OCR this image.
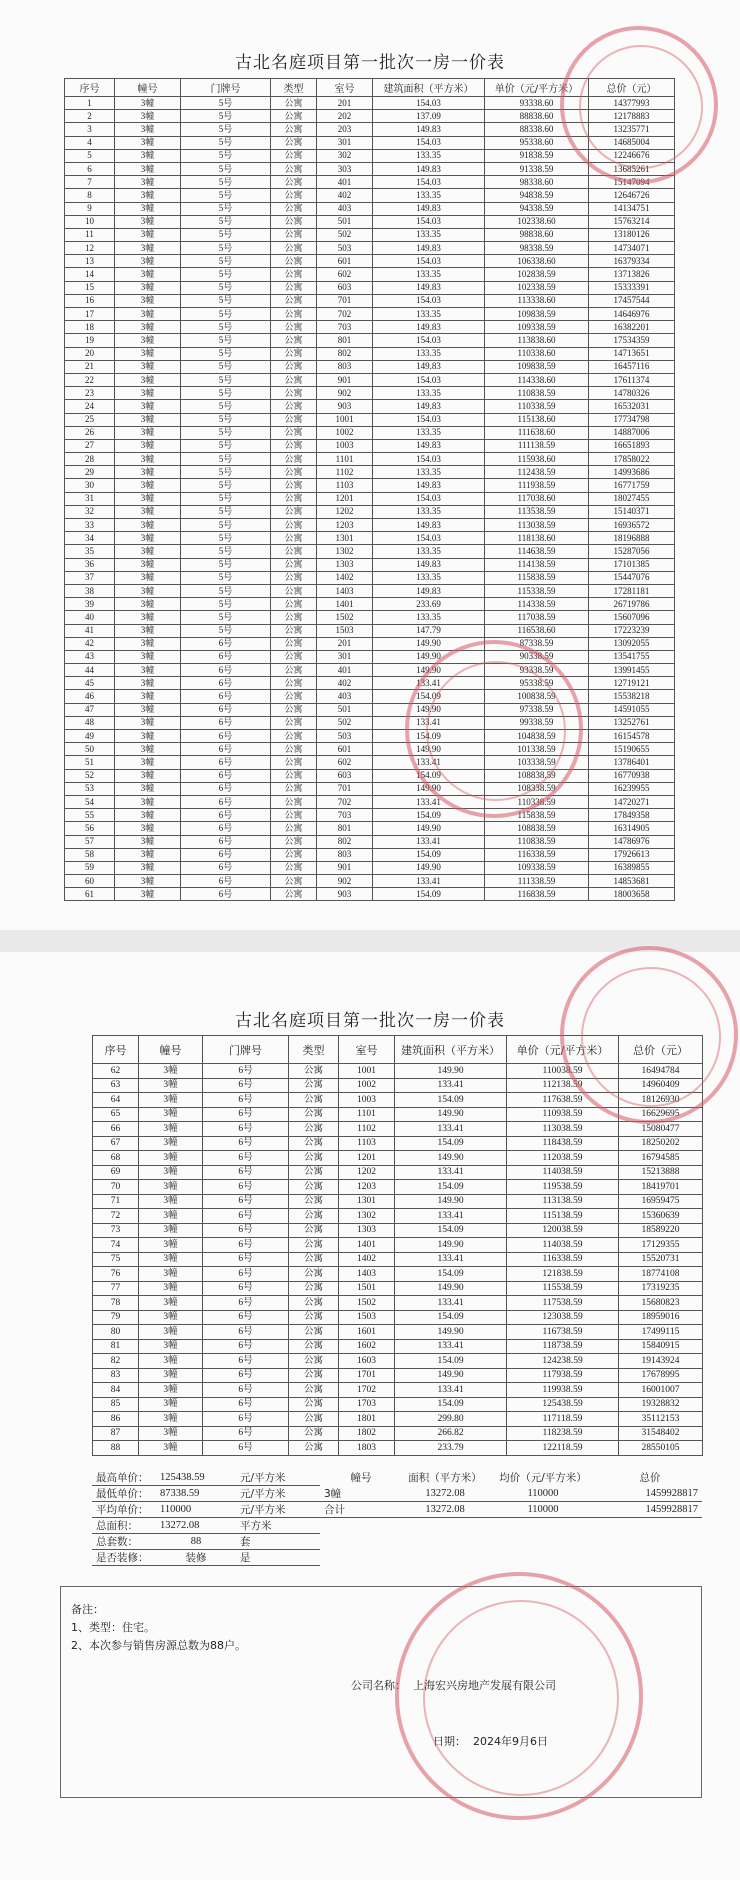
古北名庭项目第一批次一房一价表
序号	幢号	门牌号	类型	室号	建筑面积（平方米）	单价（元/平方米）	总价（元）
1	3幢	5号	公寓	201	154.03	93338.60	14377993
2	3幢	5号	公寓	202	137.09	88838.60	12178883
3	3幢	5号	公寓	203	149.83	88338.60	13235771
4	3幢	5号	公寓	301	154.03	95338.60	14685004
5	3幢	5号	公寓	302	133.35	91838.59	12246676
6	3幢	5号	公寓	303	149.83	91338.59	13685261
7	3幢	5号	公寓	401	154.03	98338.60	15147094
8	3幢	5号	公寓	402	133.35	94838.59	12646726
9	3幢	5号	公寓	403	149.83	94338.59	14134751
10	3幢	5号	公寓	501	154.03	102338.60	15763214
11	3幢	5号	公寓	502	133.35	98838.60	13180126
12	3幢	5号	公寓	503	149.83	98338.59	14734071
13	3幢	5号	公寓	601	154.03	106338.60	16379334
14	3幢	5号	公寓	602	133.35	102838.59	13713826
15	3幢	5号	公寓	603	149.83	102338.59	15333391
16	3幢	5号	公寓	701	154.03	113338.60	17457544
17	3幢	5号	公寓	702	133.35	109838.59	14646976
18	3幢	5号	公寓	703	149.83	109338.59	16382201
19	3幢	5号	公寓	801	154.03	113838.60	17534359
20	3幢	5号	公寓	802	133.35	110338.60	14713651
21	3幢	5号	公寓	803	149.83	109838.59	16457116
22	3幢	5号	公寓	901	154.03	114338.60	17611374
23	3幢	5号	公寓	902	133.35	110838.59	14780326
24	3幢	5号	公寓	903	149.83	110338.59	16532031
25	3幢	5号	公寓	1001	154.03	115138.60	17734798
26	3幢	5号	公寓	1002	133.35	111638.60	14887006
27	3幢	5号	公寓	1003	149.83	111138.59	16651893
28	3幢	5号	公寓	1101	154.03	115938.60	17858022
29	3幢	5号	公寓	1102	133.35	112438.59	14993686
30	3幢	5号	公寓	1103	149.83	111938.59	16771759
31	3幢	5号	公寓	1201	154.03	117038.60	18027455
32	3幢	5号	公寓	1202	133.35	113538.59	15140371
33	3幢	5号	公寓	1203	149.83	113038.59	16936572
34	3幢	5号	公寓	1301	154.03	118138.60	18196888
35	3幢	5号	公寓	1302	133.35	114638.59	15287056
36	3幢	5号	公寓	1303	149.83	114138.59	17101385
37	3幢	5号	公寓	1402	133.35	115838.59	15447076
38	3幢	5号	公寓	1403	149.83	115338.59	17281181
39	3幢	5号	公寓	1401	233.69	114338.59	26719786
40	3幢	5号	公寓	1502	133.35	117038.59	15607096
41	3幢	5号	公寓	1503	147.79	116538.60	17223239
42	3幢	6号	公寓	201	149.90	87338.59	13092055
43	3幢	6号	公寓	301	149.90	90338.59	13541755
44	3幢	6号	公寓	401	149.90	93338.59	13991455
45	3幢	6号	公寓	402	133.41	95338.59	12719121
46	3幢	6号	公寓	403	154.09	100838.59	15538218
47	3幢	6号	公寓	501	149.90	97338.59	14591055
48	3幢	6号	公寓	502	133.41	99338.59	13252761
49	3幢	6号	公寓	503	154.09	104838.59	16154578
50	3幢	6号	公寓	601	149.90	101338.59	15190655
51	3幢	6号	公寓	602	133.41	103338.59	13786401
52	3幢	6号	公寓	603	154.09	108838.59	16770938
53	3幢	6号	公寓	701	149.90	108338.59	16239955
54	3幢	6号	公寓	702	133.41	110338.59	14720271
55	3幢	6号	公寓	703	154.09	115838.59	17849358
56	3幢	6号	公寓	801	149.90	108838.59	16314905
57	3幢	6号	公寓	802	133.41	110838.59	14786976
58	3幢	6号	公寓	803	154.09	116338.59	17926613
59	3幢	6号	公寓	901	149.90	109338.59	16389855
60	3幢	6号	公寓	902	133.41	111338.59	14853681
61	3幢	6号	公寓	903	154.09	116838.59	18003658
古北名庭项目第一批次一房一价表
序号	幢号	门牌号	类型	室号	建筑面积（平方米）	单价（元/平方米）	总价（元）
62	3幢	6号	公寓	1001	149.90	110038.59	16494784
63	3幢	6号	公寓	1002	133.41	112138.59	14960409
64	3幢	6号	公寓	1003	154.09	117638.59	18126930
65	3幢	6号	公寓	1101	149.90	110938.59	16629695
66	3幢	6号	公寓	1102	133.41	113038.59	15080477
67	3幢	6号	公寓	1103	154.09	118438.59	18250202
68	3幢	6号	公寓	1201	149.90	112038.59	16794585
69	3幢	6号	公寓	1202	133.41	114038.59	15213888
70	3幢	6号	公寓	1203	154.09	119538.59	18419701
71	3幢	6号	公寓	1301	149.90	113138.59	16959475
72	3幢	6号	公寓	1302	133.41	115138.59	15360639
73	3幢	6号	公寓	1303	154.09	120038.59	18589220
74	3幢	6号	公寓	1401	149.90	114038.59	17129355
75	3幢	6号	公寓	1402	133.41	116338.59	15520731
76	3幢	6号	公寓	1403	154.09	121838.59	18774108
77	3幢	6号	公寓	1501	149.90	115538.59	17319235
78	3幢	6号	公寓	1502	133.41	117538.59	15680823
79	3幢	6号	公寓	1503	154.09	123038.59	18959016
80	3幢	6号	公寓	1601	149.90	116738.59	17499115
81	3幢	6号	公寓	1602	133.41	118738.59	15840915
82	3幢	6号	公寓	1603	154.09	124238.59	19143924
83	3幢	6号	公寓	1701	149.90	117938.59	17678995
84	3幢	6号	公寓	1702	133.41	119938.59	16001007
85	3幢	6号	公寓	1703	154.09	125438.59	19328832
86	3幢	6号	公寓	1801	299.80	117118.59	35112153
87	3幢	6号	公寓	1802	266.82	118238.59	31548402
88	3幢	6号	公寓	1803	233.79	122118.59	28550105
最高单价：	125438.59	元/平方米	幢号	面积（平方米）	均价（元/平方米）	总价
最低单价：	87338.59	元/平方米	3幢	13272.08	110000	1459928817
平均单价：	110000	元/平方米	合计	13272.08	110000	1459928817
总面积：	13272.08	平方米				
总套数：	88	套				
是否装修：	装修	是				
备注：
1、类型：住宅。
2、本次参与销售房源总数为88户。
公司名称： 上海宏兴房地产发展有限公司
日期： 2024年9月6日
